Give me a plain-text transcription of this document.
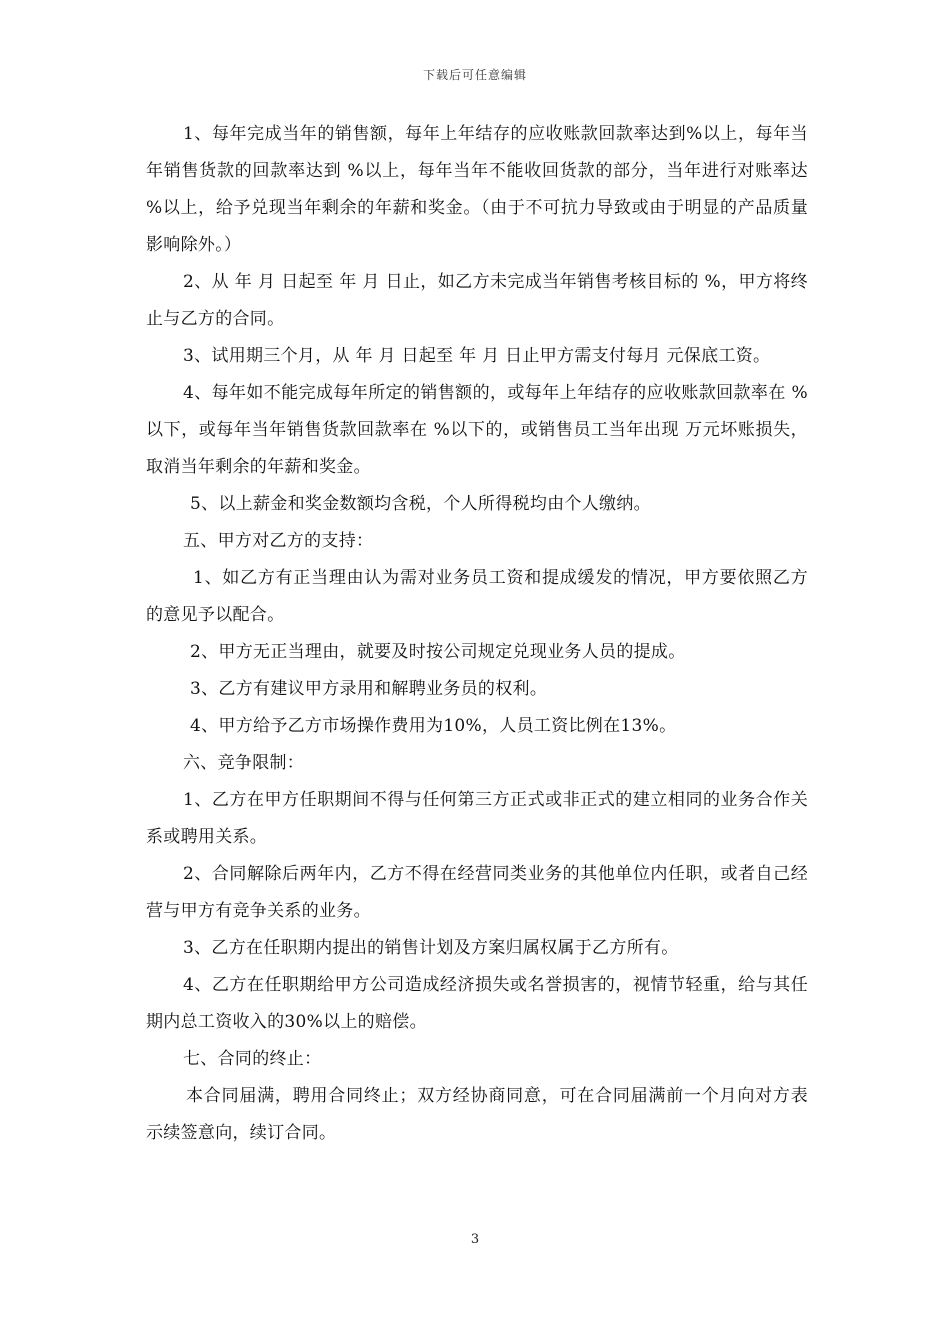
下载后可任意编辑

1、每年完成当年的销售额，每年上年结存的应收账款回款率达到%以上，每年当年销售货款的回款率达到 %以上，每年当年不能收回货款的部分，当年进行对账率达 %以上，给予兑现当年剩余的年薪和奖金。（由于不可抗力导致或由于明显的产品质量影响除外。）

2、从 年 月 日起至 年 月 日止，如乙方未完成当年销售考核目标的 %，甲方将终止与乙方的合同。

3、试用期三个月，从 年 月 日起至 年 月 日止甲方需支付每月 元保底工资。

4、每年如不能完成每年所定的销售额的，或每年上年结存的应收账款回款率在 %以下，或每年当年销售货款回款率在 %以下的，或销售员工当年出现 万元坏账损失，取消当年剩余的年薪和奖金。

5、以上薪金和奖金数额均含税，个人所得税均由个人缴纳。

五、甲方对乙方的支持：

1、如乙方有正当理由认为需对业务员工资和提成缓发的情况，甲方要依照乙方的意见予以配合。

2、甲方无正当理由，就要及时按公司规定兑现业务人员的提成。

3、乙方有建议甲方录用和解聘业务员的权利。

4、甲方给予乙方市场操作费用为10%，人员工资比例在13%。

六、竞争限制：

1、乙方在甲方任职期间不得与任何第三方正式或非正式的建立相同的业务合作关系或聘用关系。

2、合同解除后两年内，乙方不得在经营同类业务的其他单位内任职，或者自己经营与甲方有竞争关系的业务。

3、乙方在任职期内提出的销售计划及方案归属权属于乙方所有。

4、乙方在任职期给甲方公司造成经济损失或名誉损害的，视情节轻重，给与其任期内总工资收入的30%以上的赔偿。

七、合同的终止：

本合同届满，聘用合同终止；双方经协商同意，可在合同届满前一个月向对方表示续签意向，续订合同。

3
